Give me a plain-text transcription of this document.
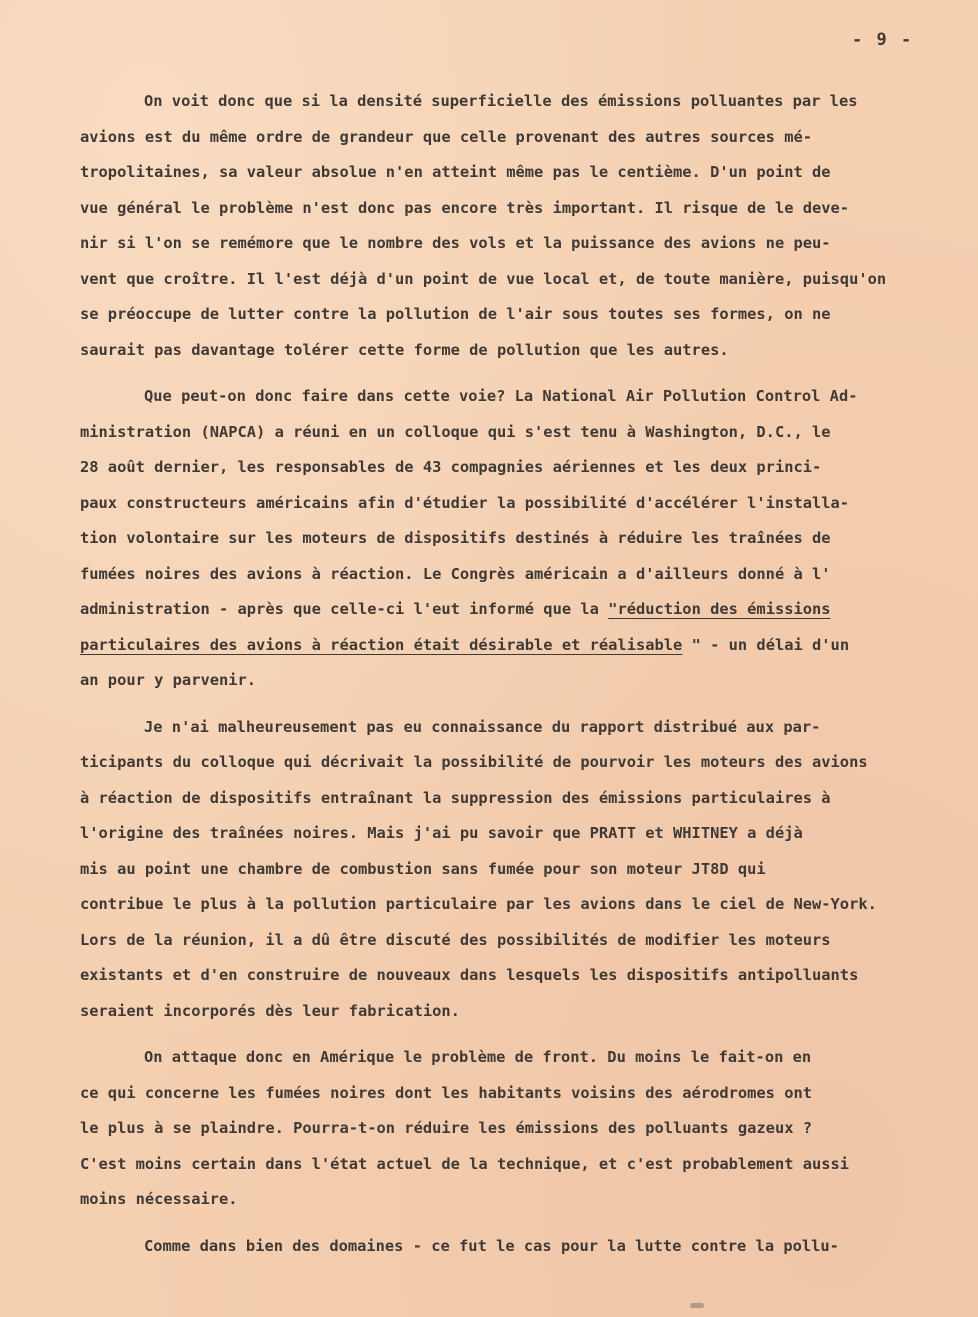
- 9 -
On voit donc que si la densité superficielle des émissions polluantes par les
avions est du même ordre de grandeur que celle provenant des autres sources mé-
tropolitaines, sa valeur absolue n'en atteint même pas le centième. D'un point de
vue général le problème n'est donc pas encore très important. Il risque de le deve-
nir si l'on se remémore que le nombre des vols et la puissance des avions ne peu-
vent que croître. Il l'est déjà d'un point de vue local et, de toute manière, puisqu'on
se préoccupe de lutter contre la pollution de l'air sous toutes ses formes, on ne
saurait pas davantage tolérer cette forme de pollution que les autres.
Que peut-on donc faire dans cette voie? La National Air Pollution Control Ad-
ministration (NAPCA) a réuni en un colloque qui s'est tenu à Washington, D.C., le
28 août dernier, les responsables de 43 compagnies aériennes et les deux princi-
paux constructeurs américains afin d'étudier la possibilité d'accélérer l'installa-
tion volontaire sur les moteurs de dispositifs destinés à réduire les traînées de
fumées noires des avions à réaction. Le Congrès américain a d'ailleurs donné à l'
administration - après que celle-ci l'eut informé que la "réduction des émissions
particulaires des avions à réaction était désirable et réalisable " - un délai d'un
an pour y parvenir.
Je n'ai malheureusement pas eu connaissance du rapport distribué aux par-
ticipants du colloque qui décrivait la possibilité de pourvoir les moteurs des avions
à réaction de dispositifs entraînant la suppression des émissions particulaires à
l'origine des traînées noires. Mais j'ai pu savoir que PRATT et WHITNEY a déjà
mis au point une chambre de combustion sans fumée pour son moteur JT8D qui
contribue le plus à la pollution particulaire par les avions dans le ciel de New-York.
Lors de la réunion, il a dû être discuté des possibilités de modifier les moteurs
existants et d'en construire de nouveaux dans lesquels les dispositifs antipolluants
seraient incorporés dès leur fabrication.
On attaque donc en Amérique le problème de front. Du moins le fait-on en
ce qui concerne les fumées noires dont les habitants voisins des aérodromes ont
le plus à se plaindre. Pourra-t-on réduire les émissions des polluants gazeux ?
C'est moins certain dans l'état actuel de la technique, et c'est probablement aussi
moins nécessaire.
Comme dans bien des domaines - ce fut le cas pour la lutte contre la pollu-
